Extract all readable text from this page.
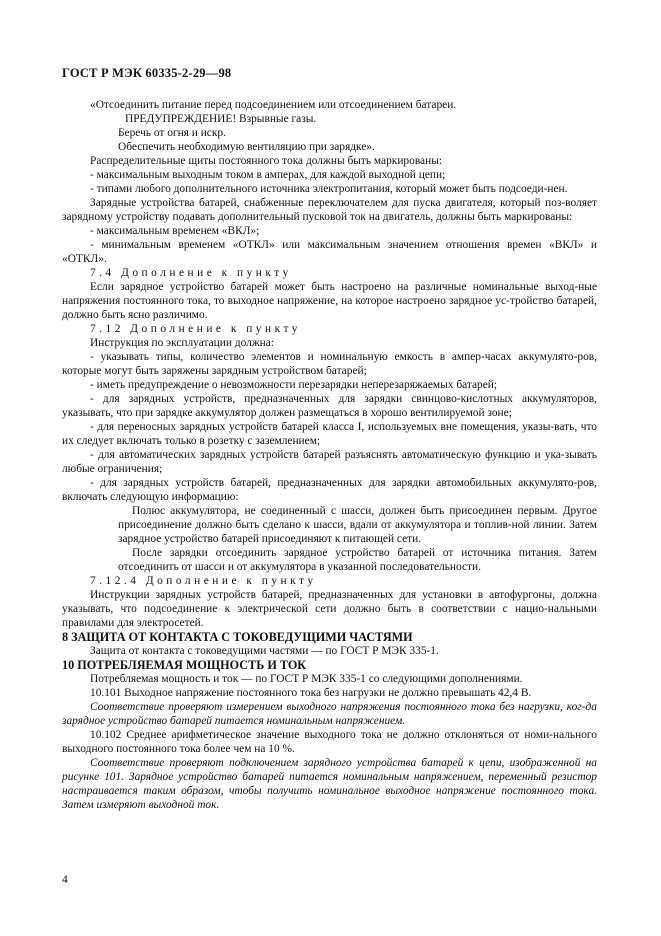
ГОСТ Р МЭК 60335-2-29—98

«Отсоединить питание перед подсоединением или отсоединением батареи.

ПРЕДУПРЕЖДЕНИЕ! Взрывные газы.

Беречь от огня и искр.

Обеспечить необходимую вентиляцию при зарядке».

Распределительные щиты постоянного тока должны быть маркированы:

- максимальным выходным током в амперах, для каждой выходной цепи;

- типами любого дополнительного источника электропитания, который может быть подсоеди-нен.

Зарядные устройства батарей, снабженные переключателем для пуска двигателя, который поз-воляет зарядному устройству подавать дополнительный пусковой ток на двигатель, должны быть маркированы:

- максимальным временем «ВКЛ»;

- минимальным временем «ОТКЛ» или максимальным значением отношения времен «ВКЛ» и «ОТКЛ».

7.4 Дополнение к пункту

Если зарядное устройство батарей может быть настроено на различные номинальные выход-ные напряжения постоянного тока, то выходное напряжение, на которое настроено зарядное ус-тройство батарей, должно быть ясно различимо.

7.12 Дополнение к пункту

Инструкция по эксплуатации должна:

- указывать типы, количество элементов и номинальную емкость в ампер-часах аккумулято-ров, которые могут быть заряжены зарядным устройством батарей;

- иметь предупреждение о невозможности перезарядки неперезаряжаемых батарей;

- для зарядных устройств, предназначенных для зарядки свинцово-кислотных аккумуляторов, указывать, что при зарядке аккумулятор должен размещаться в хорошо вентилируемой зоне;

- для переносных зарядных устройств батарей класса I, используемых вне помещения, указы-вать, что их следует включать только в розетку с заземлением;

- для автоматических зарядных устройств батарей разъяснять автоматическую функцию и ука-зывать любые ограничения;

- для зарядных устройств батарей, предназначенных для зарядки автомобильных аккумулято-ров, включать следующую информацию:

Полюс аккумулятора, не соединенный с шасси, должен быть присоединен первым. Другое присоединение должно быть сделано к шасси, вдали от аккумулятора и топлив-ной линии. Затем зарядное устройство батарей присоединяют к питающей сети.

После зарядки отсоединить зарядное устройство батарей от источника питания. Затем отсоединить от шасси и от аккумулятора в указанной последовательности.

7.12.4 Дополнение к пункту

Инструкции зарядных устройств батарей, предназначенных для установки в автофургоны, должна указывать, что подсоединение к электрической сети должно быть в соответствии с нацио-нальными правилами для электросетей.

8 ЗАЩИТА ОТ КОНТАКТА С ТОКОВЕДУЩИМИ ЧАСТЯМИ

Защита от контакта с токоведущими частями — по ГОСТ Р МЭК 335-1.

10 ПОТРЕБЛЯЕМАЯ МОЩНОСТЬ И ТОК

Потребляемая мощность и ток — по ГОСТ Р МЭК 335-1 со следующими дополнениями.

10.101 Выходное напряжение постоянного тока без нагрузки не должно превышать 42,4 В.

Соответствие проверяют измерением выходного напряжения постоянного тока без нагрузки, ког-да зарядное устройство батарей питается номинальным напряжением.

10.102 Среднее арифметическое значение выходного тока не должно отклоняться от номи-нального выходного постоянного тока более чем на 10 %.

Соответствие проверяют подключением зарядного устройства батарей к цепи, изображенной на рисунке 101. Зарядное устройство батарей питается номинальным напряжением, переменный резистор настраивается таким образом, чтобы получить номинальное выходное напряжение постоянного тока. Затем измеряют выходной ток.

4
